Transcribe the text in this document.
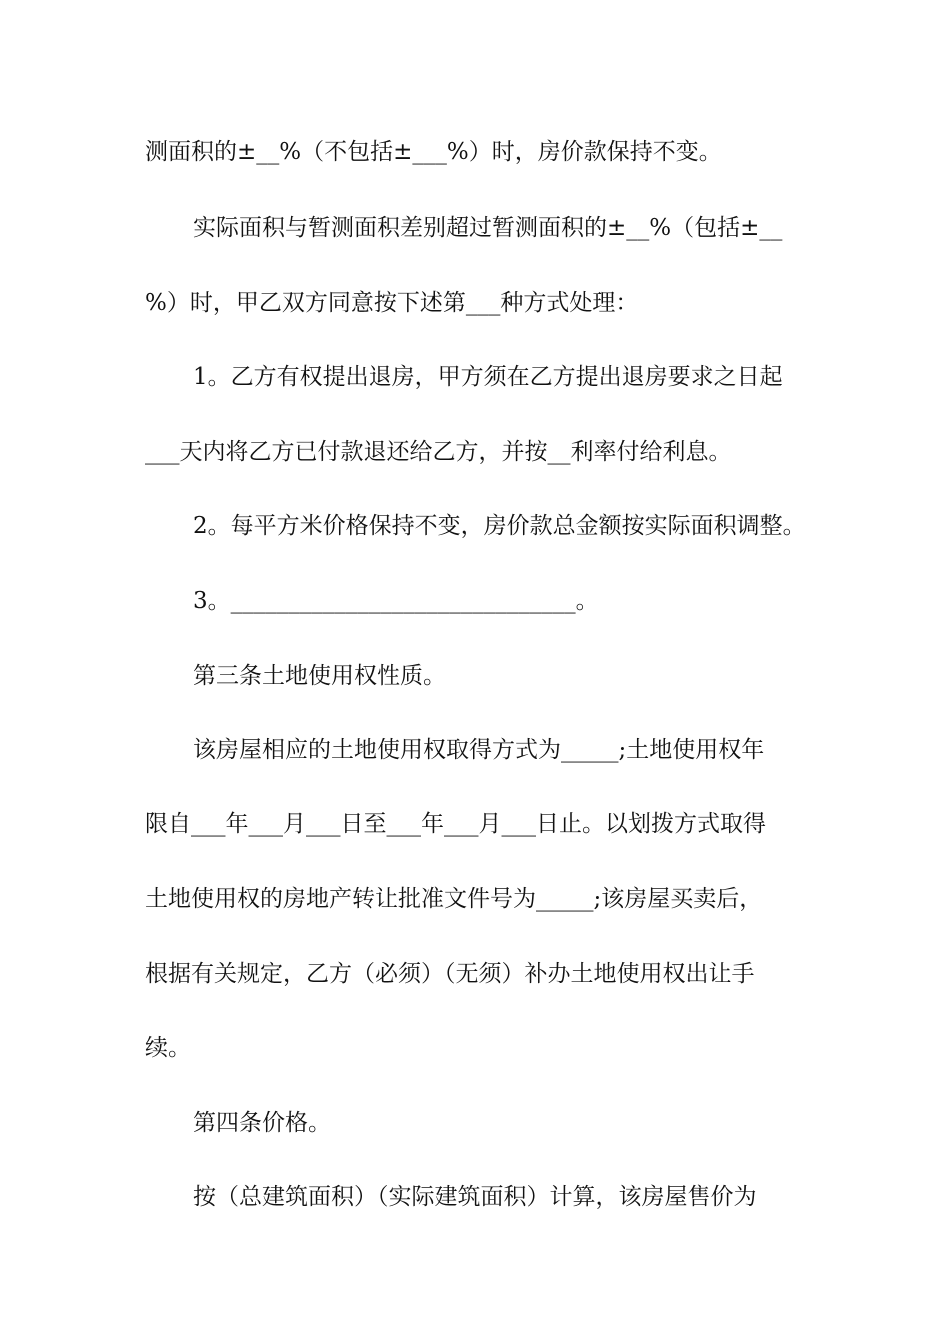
测面积的±__%（不包括±___%）时，房价款保持不变。
实际面积与暂测面积差别超过暂测面积的±__%（包括±__
%）时，甲乙双方同意按下述第___种方式处理：
1。乙方有权提出退房，甲方须在乙方提出退房要求之日起
___天内将乙方已付款退还给乙方，并按__利率付给利息。
2。每平方米价格保持不变，房价款总金额按实际面积调整。
3。______________________________。
第三条土地使用权性质。
该房屋相应的土地使用权取得方式为_____;土地使用权年
限自___年___月___日至___年___月___日止。以划拨方式取得
土地使用权的房地产转让批准文件号为_____;该房屋买卖后，
根据有关规定，乙方（必须）（无须）补办土地使用权出让手
续。
第四条价格。
按（总建筑面积）（实际建筑面积）计算，该房屋售价为
